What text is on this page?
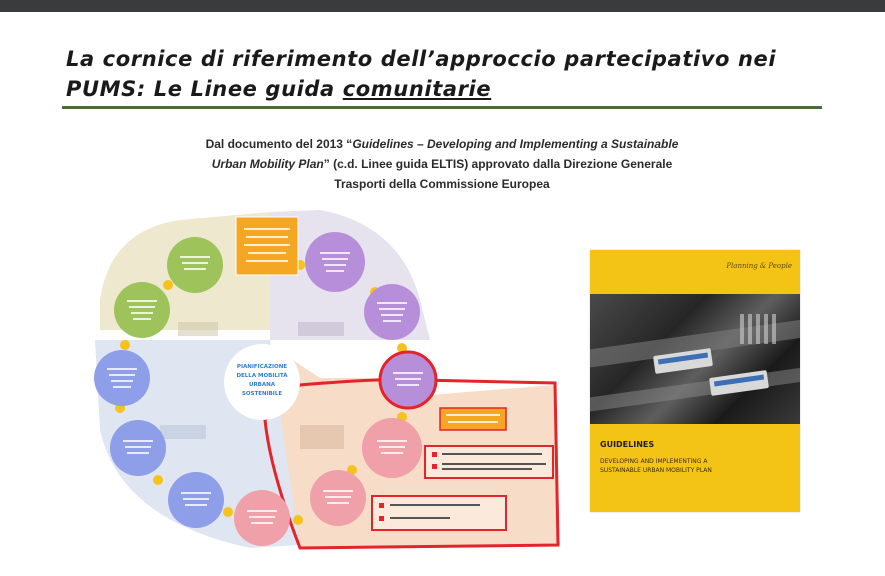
La cornice di riferimento dell’approccio partecipativo nei
PUMS: Le Linee guida comunitarie
Dal documento del 2013 “Guidelines – Developing and Implementing a Sustainable
Urban Mobility Plan” (c.d. Linee guida ELTIS) approvato dalla Direzione Generale
Trasporti della Commissione Europea
PIANIFICAZIONE
DELLA MOBILITÀ
URBANA
SOSTENIBILE
Planning & People
GUIDELINES
DEVELOPING AND IMPLEMENTING A
SUSTAINABLE URBAN MOBILITY PLAN
